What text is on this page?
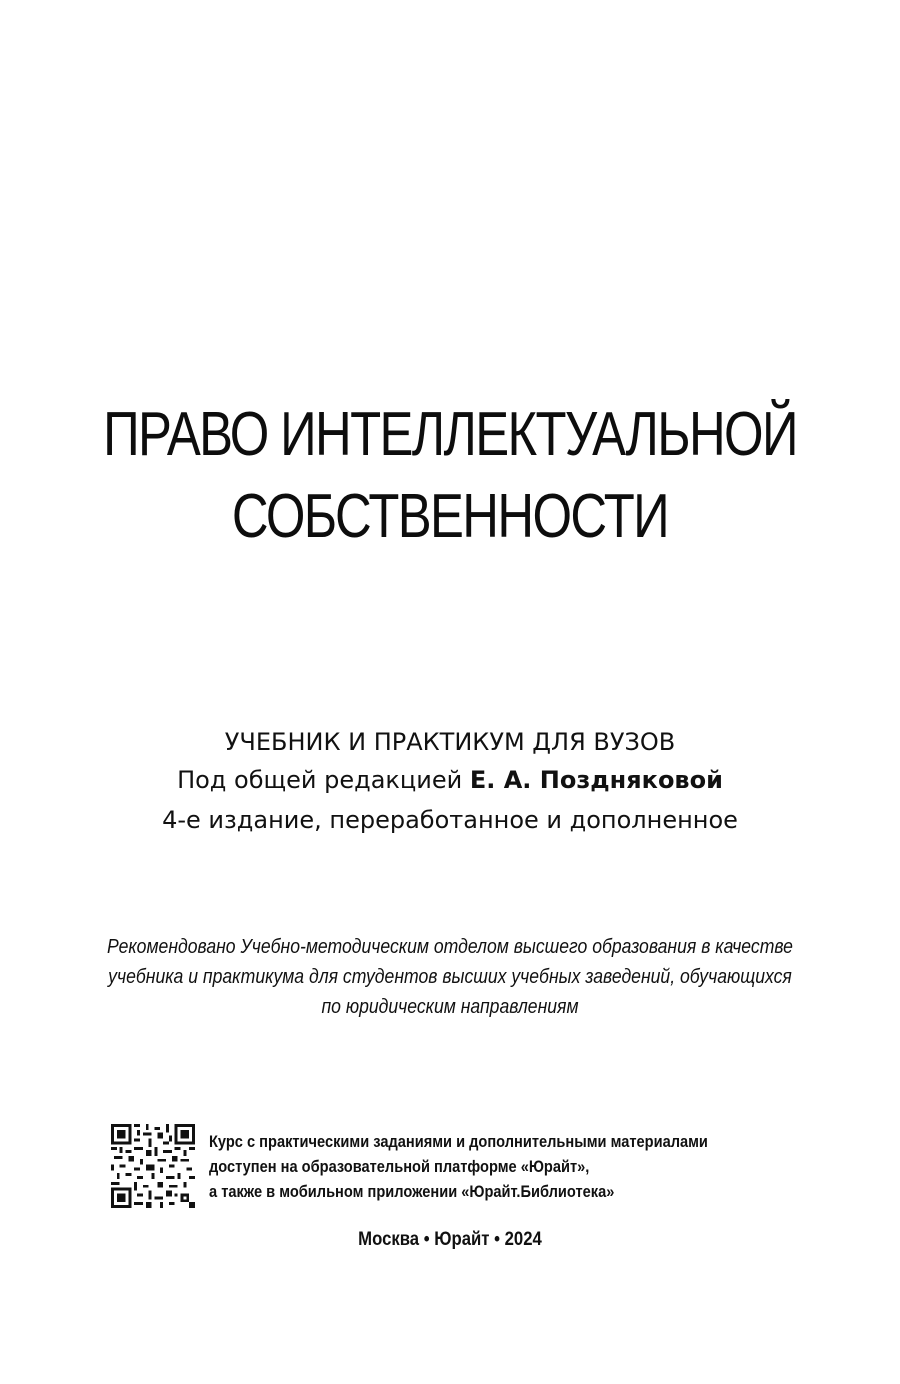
ПРАВО ИНТЕЛЛЕКТУАЛЬНОЙ
СОБСТВЕННОСТИ
УЧЕБНИК И ПРАКТИКУМ ДЛЯ ВУЗОВ
Под общей редакцией Е. А. Поздняковой
4-е издание, переработанное и дополненное
Рекомендовано Учебно-методическим отделом высшего образования в качестве
учебника и практикума для студентов высших учебных заведений, обучающихся
по юридическим направлениям
Курс с практическими заданиями и дополнительными материалами
доступен на образовательной платформе «Юрайт»,
а также в мобильном приложении «Юрайт.Библиотека»
Москва • Юрайт • 2024
